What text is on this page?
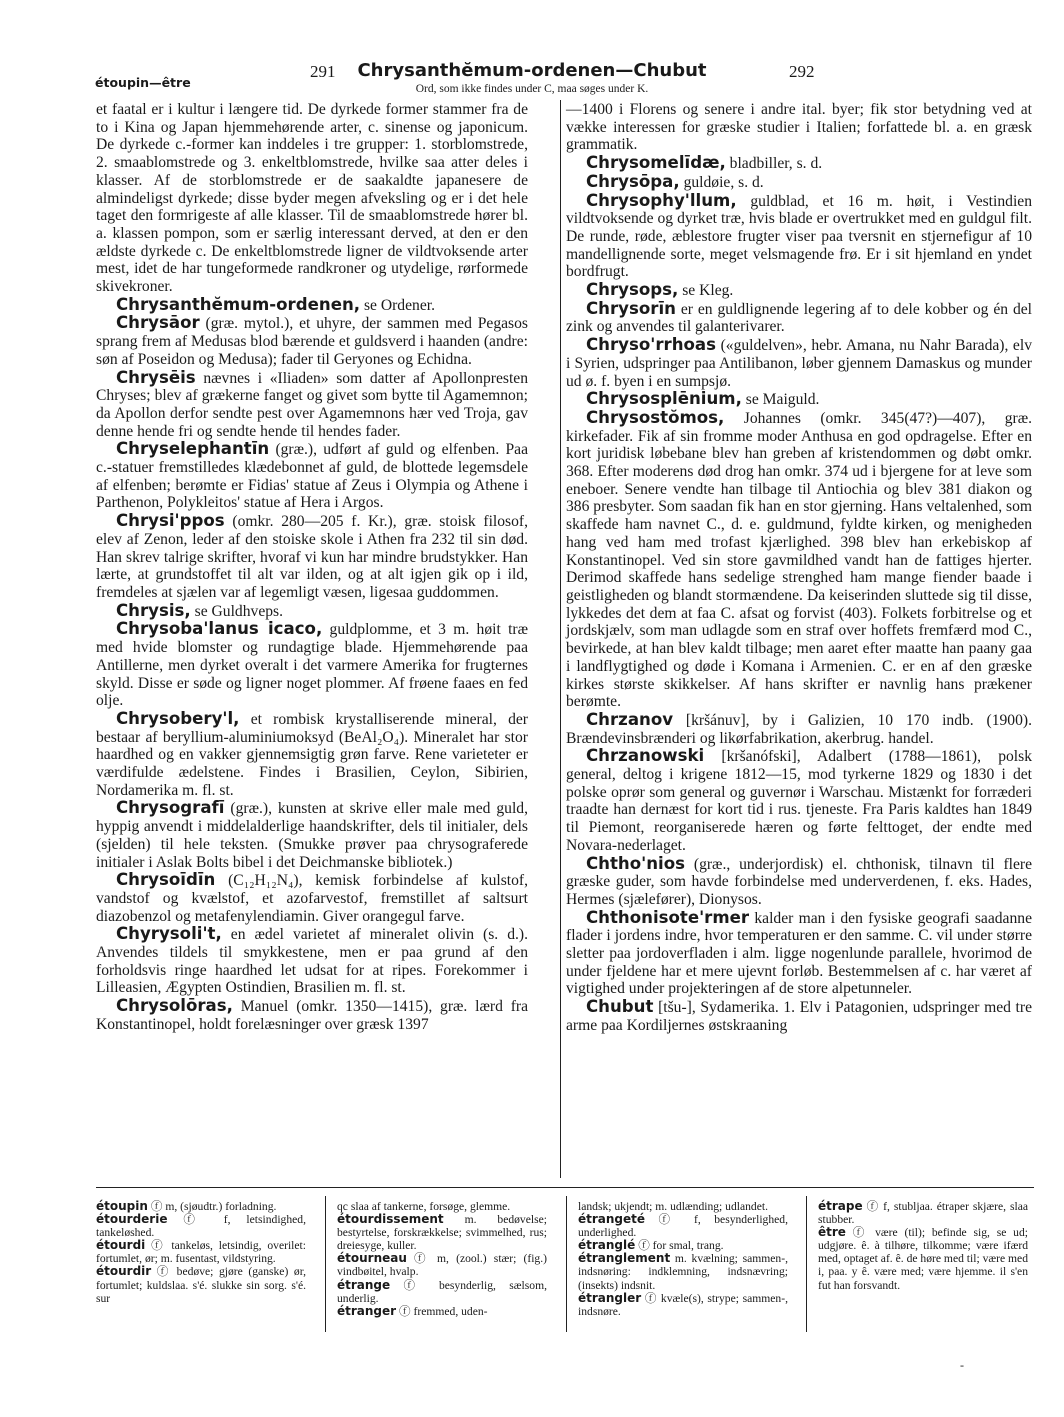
291	Chrysanthĕmum-ordenen—Chubut	292
étoupin—être	Ord, som ikke findes under C, maa søges under K.
et faatal er i kultur i længere tid. De dyrkede former stammer fra de to i Kina og Japan hjemmehørende arter, c. sinense og japonicum. De dyrkede c.-former kan inddeles i tre grupper: 1. storblomstrede, 2. smaablomstrede og 3. enkeltblomstrede, hvilke saa atter deles i klasser. Af de storblomstrede er de saakaldte japanesere de almindeligst dyrkede; disse byder megen afveksling og er i det hele taget den formrigeste af alle klasser. Til de smaablomstrede hører bl. a. klassen pompon, som er særlig interessant derved, at den er den ældste dyrkede c. De enkeltblomstrede ligner de vildtvoksende arter mest, idet de har tungeformede randkroner og utydelige, rørformede skivekroner.
Chrysanthĕmum-ordenen, se Ordener.
Chrysāor (græ. mytol.), et uhyre, der sammen med Pegasos sprang frem af Medusas blod bærende et guldsverd i haanden (andre: søn af Poseidon og Medusa); fader til Geryones og Echidna.
Chrysēis nævnes i «Iliaden» som datter af Apollonpresten Chryses; blev af grækerne fanget og givet som bytte til Agamemnon; da Apollon derfor sendte pest over Agamemnons hær ved Troja, gav denne hende fri og sendte hende til hendes fader.
Chryselephantīn (græ.), udført af guld og elfenben. Paa c.-statuer fremstilledes klædebonnet af guld, de blottede legemsdele af elfenben; berømte er Fidias' statue af Zeus i Olympia og Athene i Parthenon, Polykleitos' statue af Hera i Argos.
Chrysi'ppos (omkr. 280—205 f. Kr.), græ. stoisk filosof, elev af Zenon, leder af den stoiske skole i Athen fra 232 til sin død. Han skrev talrige skrifter, hvoraf vi kun har mindre brudstykker. Han lærte, at grundstoffet til alt var ilden, og at alt igjen gik op i ild, fremdeles at sjælen var af legemligt væsen, ligesaa guddommen.
Chrysis, se Guldhveps.
Chrysoba'lanus icaco, guldplomme, et 3 m. høit træ med hvide blomster og rundagtige blade. Hjemmehørende paa Antillerne, men dyrket overalt i det varmere Amerika for frugternes skyld. Disse er søde og ligner noget plommer. Af frøene faaes en fed olje.
Chrysobery'l, et rombisk krystalliserende mineral, der bestaar af beryllium-aluminiumoksyd (BeAl₂O₄). Mineralet har stor haardhed og en vakker gjennemsigtig grøn farve. Rene varieteter er værdifulde ædelstene. Findes i Brasilien, Ceylon, Sibirien, Nordamerika m. fl. st.
Chrysografī (græ.), kunsten at skrive eller male med guld, hyppig anvendt i middelalderlige haandskrifter, dels til initialer, dels (sjelden) til hele teksten. (Smukke prøver paa chrysograferede initialer i Aslak Bolts bibel i det Deichmanske bibliotek.)
Chrysoīdīn (C₁₂H₁₂N₄), kemisk forbindelse af kulstof, vandstof og kvælstof, et azofarvestof, fremstillet af saltsurt diazobenzol og metafenylendiamin. Giver orangegul farve.
Chyrysoli't, en ædel varietet af mineralet olivin (s. d.). Anvendes tildels til smykkestene, men er paa grund af den forholdsvis ringe haardhed let udsat for at ripes. Forekommer i Lilleasien, Ægypten Ostindien, Brasilien m. fl. st.
Chrysolōras, Manuel (omkr. 1350—1415), græ. lærd fra Konstantinopel, holdt forelæsninger over græsk 1397
—1400 i Florens og senere i andre ital. byer; fik stor betydning ved at vække interessen for græske studier i Italien; forfattede bl. a. en græsk grammatik.
Chrysomelīdæ, bladbiller, s. d.
Chrysōpa, guldøie, s. d.
Chrysophy'llum, guldblad, et 16 m. høit, i Vestindien vildtvoksende og dyrket træ, hvis blade er overtrukket med en guldgul filt. De runde, røde, æblestore frugter viser paa tversnit en stjernefigur af 10 mandellignende sorte, meget velsmagende frø. Er i sit hjemland en yndet bordfrugt.
Chrysops, se Kleg.
Chrysorīn er en guldlignende legering af to dele kobber og én del zink og anvendes til galanterivarer.
Chryso'rrhoas («guldelven», hebr. Amana, nu Nahr Barada), elv i Syrien, udspringer paa Antilibanon, løber gjennem Damaskus og munder ud ø. f. byen i en sumpsjø.
Chrysosplēnium, se Maiguld.
Chrysostŏmos, Johannes (omkr. 345(47?)—407), græ. kirkefader. Fik af sin fromme moder Anthusa en god opdragelse. Efter en kort juridisk løbebane blev han greben af kristendommen og døbt omkr. 368. Efter moderens død drog han omkr. 374 ud i bjergene for at leve som eneboer. Senere vendte han tilbage til Antiochia og blev 381 diakon og 386 presbyter. Som saadan fik han en stor gjerning. Hans veltalenhed, som skaffede ham navnet C., d. e. guldmund, fyldte kirken, og menigheden hang ved ham med trofast kjærlighed. 398 blev han erkebiskop af Konstantinopel. Ved sin store gavmildhed vandt han de fattiges hjerter. Derimod skaffede hans sedelige strenghed ham mange fiender baade i geistligheden og blandt stormændene. Da keiserinden sluttede sig til disse, lykkedes det dem at faa C. afsat og forvist (403). Folkets forbitrelse og et jordskjælv, som man udlagde som en straf over hoffets fremfærd mod C., bevirkede, at han blev kaldt tilbage; men aaret efter maatte han paany gaa i landflygtighed og døde i Komana i Armenien. C. er en af den græske kirkes største skikkelser. Af hans skrifter er navnlig hans prækener berømte.
Chrzanov [kršánuv], by i Galizien, 10 170 indb. (1900). Brændevinsbrænderi og likørfabrikation, akerbrug. handel.
Chrzanowski [kršanófski], Adalbert (1788—1861), polsk general, deltog i krigene 1812—15, mod tyrkerne 1829 og 1830 i det polske oprør som general og guvernør i Warschau. Mistænkt for forræderi traadte han dernæst for kort tid i rus. tjeneste. Fra Paris kaldtes han 1849 til Piemont, reorganiserede hæren og førte felttoget, der endte med Novara-nederlaget.
Chtho'nios (græ., underjordisk) el. chthonisk, tilnavn til flere græske guder, som havde forbindelse med underverdenen, f. eks. Hades, Hermes (sjælefører), Dionysos.
Chthonisote'rmer kalder man i den fysiske geografi saadanne flader i jordens indre, hvor temperaturen er den samme. C. vil under større sletter paa jordoverfladen i alm. ligge nogenlunde parallele, hvorimod de under fjeldene har et mere ujevnt forløb. Bestemmelsen af c. har været af vigtighed under projekteringen af de store alpetunneler.
Chubut [tšu-], Sydamerika. 1. Elv i Patagonien, udspringer med tre arme paa Kordiljernes østskraaning
étoupin ⓕ m, (sjøudtr.) forladning.
étourderie ⓕ f, letsindighed, tankeløshed.
étourdi ⓕ tankeløs, letsindig, overilet: fortumlet, ør; m. fusentast, vildstyring.
étourdir ⓕ bedøve; gjøre (ganske) ør, fortumlet; kuldslaa. s'é. slukke sin sorg. s'é. sur
qc slaa af tankerne, forsøge, glemme.
étourdissement m. bedøvelse; bestyrtelse, forskrækkelse; svimmelhed, rus; dreiesyge, kuller.
étourneau ⓕ m, (zool.) stær; (fig.) vindbøitel, hvalp.
étrange ⓕ besynderlig, sælsom, underlig.
étranger ⓕ fremmed, uden-
landsk; ukjendt; m. udlænding; udlandet.
étrangeté ⓕ f, besynderlighed, underlighed.
étranglé ⓕ for smal, trang.
étranglement m. kvælning; sammen-, indsnøring: indklemning, indsnævring; (insekts) indsnit.
étrangler ⓕ kvæle(s), strype; sammen-, indsnøre.
étrape ⓕ f, stubljaa. étraper skjære, slaa stubber.
être ⓕ være (til); befinde sig, se ud; udgjøre. ê. à tilhøre, tilkomme; være ifærd med, optaget af. ê. de høre med til; være med i, paa. y ê. være med; være hjemme. il s'en fut han forsvandt.
-
